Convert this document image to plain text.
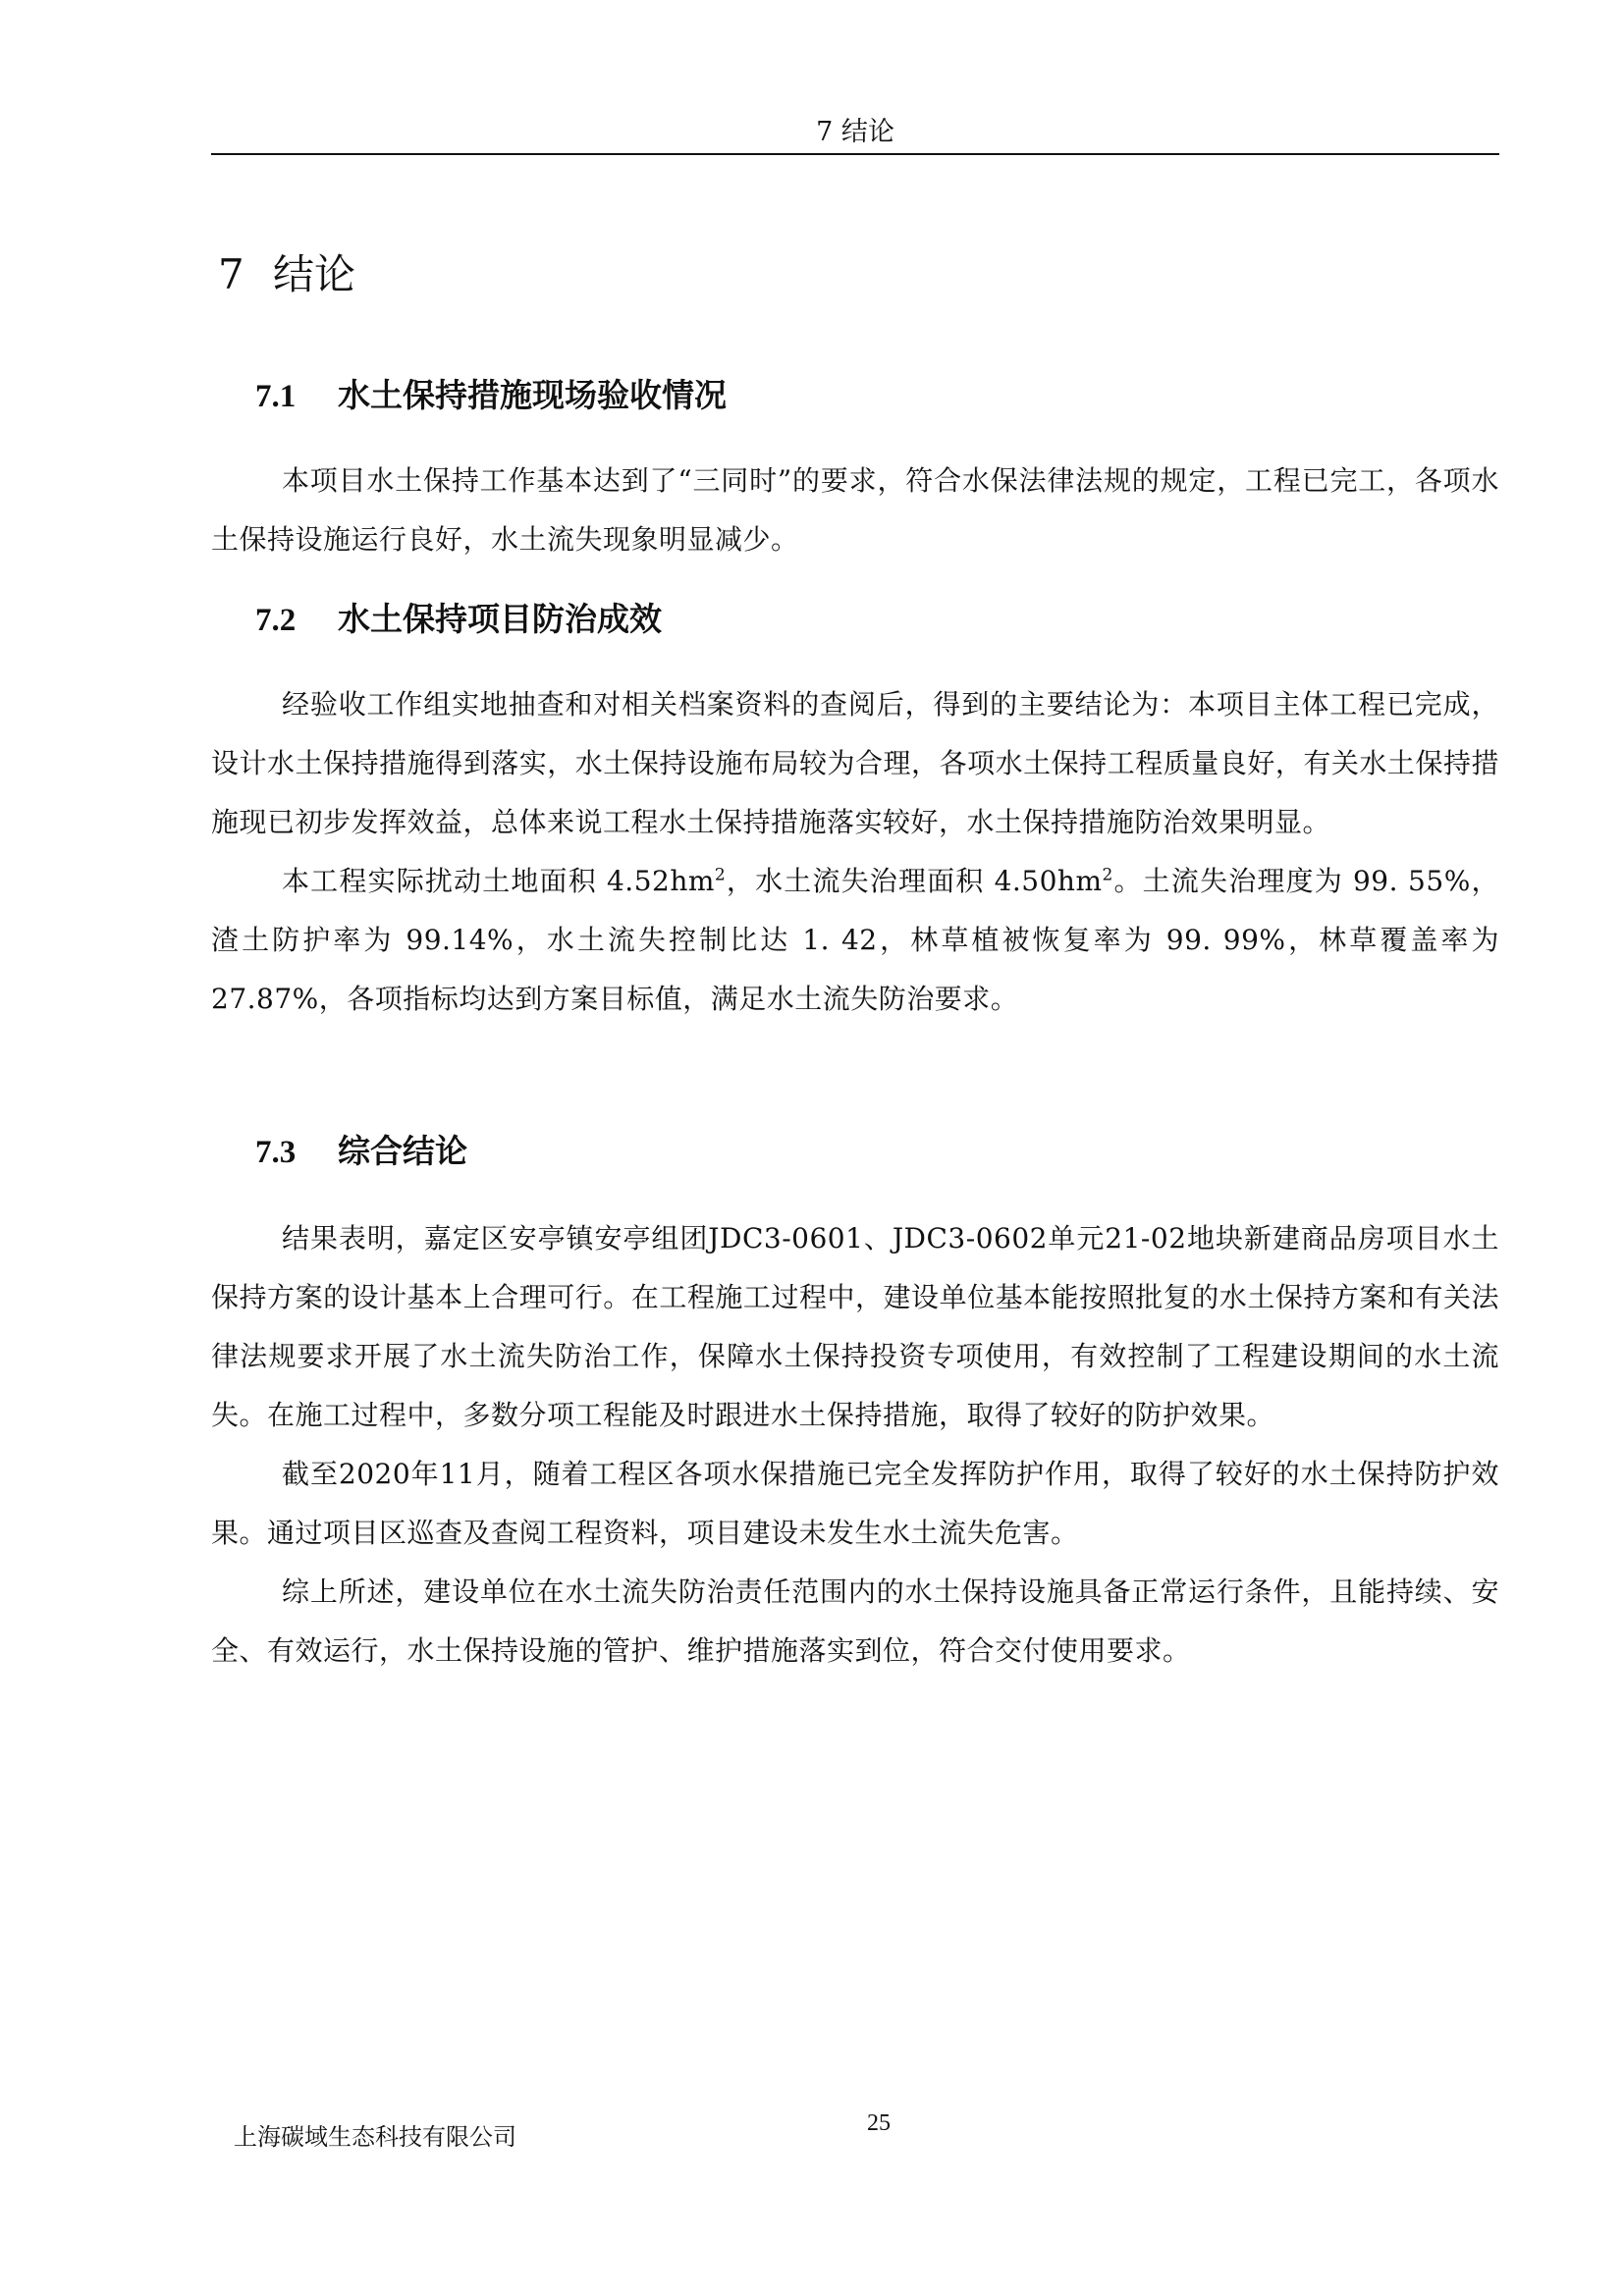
7 结论
7 结论
7.1 水土保持措施现场验收情况

本项目水土保持工作基本达到了“三同时”的要求，符合水保法律法规的规定，工程已完工，各项水土保持设施运行良好，水土流失现象明显减少。

7.2 水土保持项目防治成效

经验收工作组实地抽查和对相关档案资料的查阅后，得到的主要结论为：本项目主体工程已完成，设计水土保持措施得到落实，水土保持设施布局较为合理，各项水土保持工程质量良好，有关水土保持措施现已初步发挥效益，总体来说工程水土保持措施落实较好，水土保持措施防治效果明显。

本工程实际扰动土地面积 $4.52hm^2$，水土流失治理面积 $4.50hm^2$。土流失治理度为 99. 55%，渣土防护率为 99.14%，水土流失控制比达 1. 42，林草植被恢复率为 99. 99%，林草覆盖率为 27.87%，各项指标均达到方案目标值，满足水土流失防治要求。

7.3 综合结论

结果表明，嘉定区安亭镇安亭组团JDC3-0601、JDC3-0602单元21-02地块新建商品房项目水土保持方案的设计基本上合理可行。在工程施工过程中，建设单位基本能按照批复的水土保持方案和有关法律法规要求开展了水土流失防治工作，保障水土保持投资专项使用，有效控制了工程建设期间的水土流失。在施工过程中，多数分项工程能及时跟进水土保持措施，取得了较好的防护效果。

截至2020年11月，随着工程区各项水保措施已完全发挥防护作用，取得了较好的水土保持防护效果。通过项目区巡查及查阅工程资料，项目建设未发生水土流失危害。

综上所述，建设单位在水土流失防治责任范围内的水土保持设施具备正常运行条件，且能持续、安全、有效运行，水土保持设施的管护、维护措施落实到位，符合交付使用要求。

上海碳域生态科技有限公司	25
